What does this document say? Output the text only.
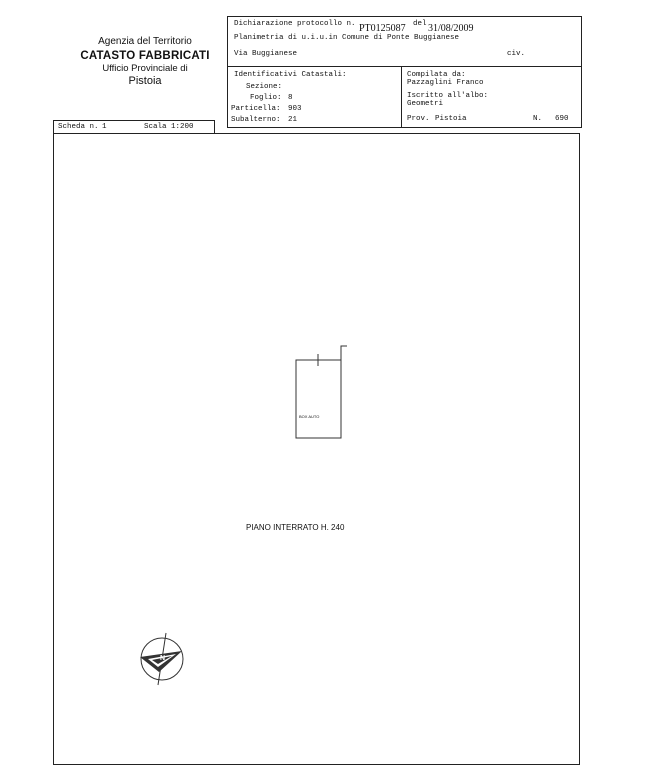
Agenzia del Territorio
CATASTO FABBRICATI
Ufficio Provinciale di
Pistoia
Dichiarazione protocollo n. PT0125087 del 31/08/2009
Planimetria di u.i.u.in Comune di Ponte Buggianese
Via Buggianese	civ.
Identificativi Catastali:
Sezione:
Foglio: 8
Particella: 903
Subalterno: 21
Compilata da:
Pazzaglini Franco
Iscritto all'albo:
Geometri
Prov. Pistoia	N. 690
Scheda n. 1	Scala 1:200
BOX AUTO
PIANO INTERRATO H. 240
N
